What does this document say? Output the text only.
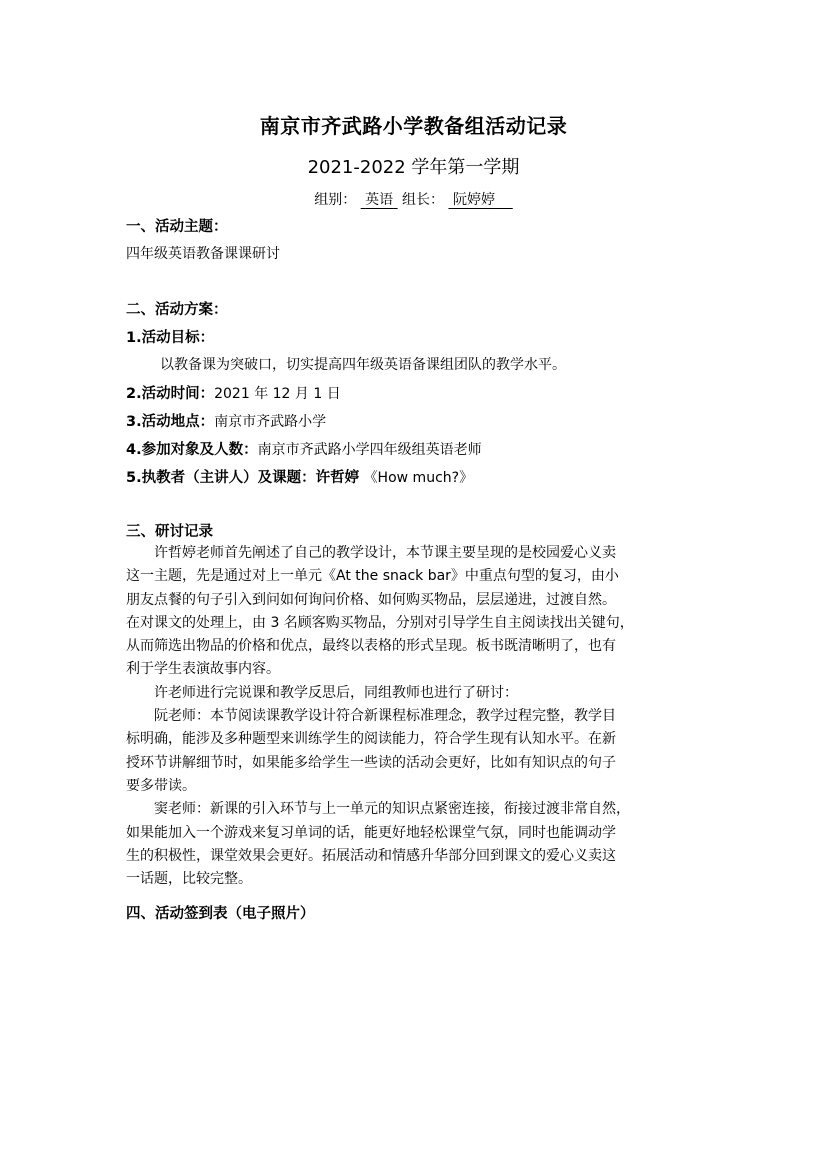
南京市齐武路小学教备组活动记录
2021-2022 学年第一学期
组别： 英语 组长： 阮婷婷
一、活动主题：
四年级英语教备课课研讨
二、活动方案：
1.活动目标：
以教备课为突破口，切实提高四年级英语备课组团队的教学水平。
2.活动时间：2021 年 12 月 1 日
3.活动地点：南京市齐武路小学
4.参加对象及人数：南京市齐武路小学四年级组英语老师
5.执教者（主讲人）及课题：许哲婷 《How much?》
三、研讨记录
许哲婷老师首先阐述了自己的教学设计，本节课主要呈现的是校园爱心义卖
这一主题，先是通过对上一单元《At the snack bar》中重点句型的复习，由小
朋友点餐的句子引入到问如何询问价格、如何购买物品，层层递进，过渡自然。
在对课文的处理上，由 3 名顾客购买物品，分别对引导学生自主阅读找出关键句，
从而筛选出物品的价格和优点，最终以表格的形式呈现。板书既清晰明了，也有
利于学生表演故事内容。
许老师进行完说课和教学反思后，同组教师也进行了研讨：
阮老师：本节阅读课教学设计符合新课程标准理念，教学过程完整，教学目
标明确，能涉及多种题型来训练学生的阅读能力，符合学生现有认知水平。在新
授环节讲解细节时，如果能多给学生一些读的活动会更好，比如有知识点的句子
要多带读。
窦老师：新课的引入环节与上一单元的知识点紧密连接，衔接过渡非常自然，
如果能加入一个游戏来复习单词的话，能更好地轻松课堂气氛，同时也能调动学
生的积极性，课堂效果会更好。拓展活动和情感升华部分回到课文的爱心义卖这
一话题，比较完整。
四、活动签到表（电子照片）
